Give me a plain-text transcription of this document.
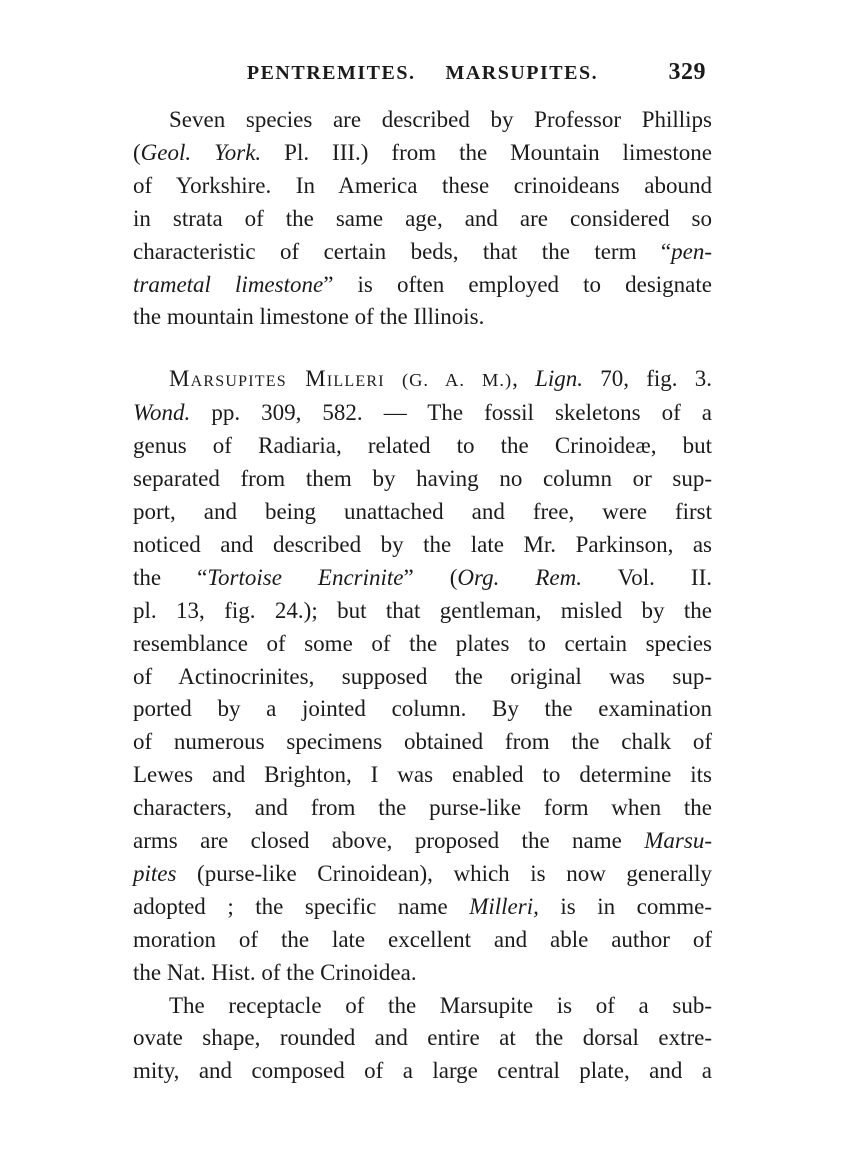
PENTREMITES. MARSUPITES.	329
Seven species are described by Professor Phillips
(Geol. York. Pl. III.) from the Mountain limestone
of Yorkshire. In America these crinoideans abound
in strata of the same age, and are considered so
characteristic of certain beds, that the term “pen-
trametal limestone” is often employed to designate
the mountain limestone of the Illinois.
Marsupites Milleri (G. A. M.), Lign. 70, fig. 3.
Wond. pp. 309, 582. — The fossil skeletons of a
genus of Radiaria, related to the Crinoideæ, but
separated from them by having no column or sup-
port, and being unattached and free, were first
noticed and described by the late Mr. Parkinson, as
the “Tortoise Encrinite” (Org. Rem. Vol. II.
pl. 13, fig. 24.); but that gentleman, misled by the
resemblance of some of the plates to certain species
of Actinocrinites, supposed the original was sup-
ported by a jointed column. By the examination
of numerous specimens obtained from the chalk of
Lewes and Brighton, I was enabled to determine its
characters, and from the purse-like form when the
arms are closed above, proposed the name Marsu-
pites (purse-like Crinoidean), which is now generally
adopted ; the specific name Milleri, is in comme-
moration of the late excellent and able author of
the Nat. Hist. of the Crinoidea.
The receptacle of the Marsupite is of a sub-
ovate shape, rounded and entire at the dorsal extre-
mity, and composed of a large central plate, and a
